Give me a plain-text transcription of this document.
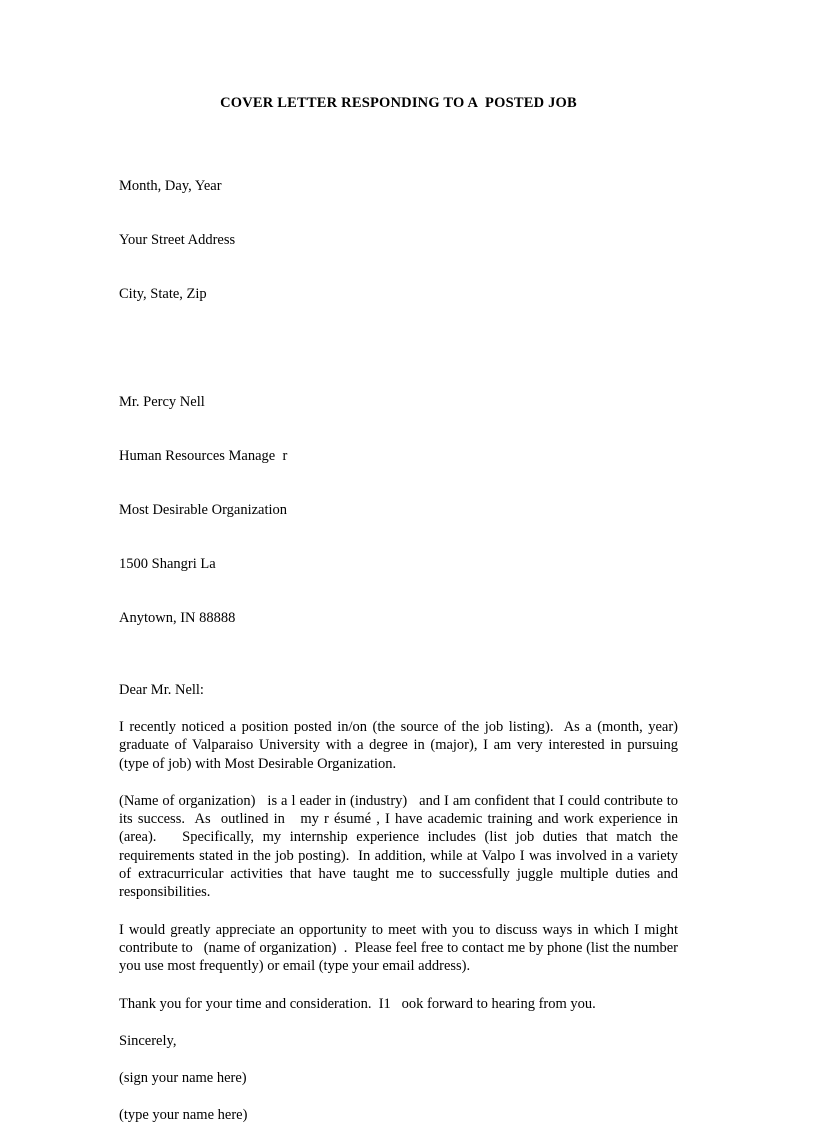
COVER LETTER RESPONDING TO A  POSTED JOB

Month, Day, Year

Your Street Address

City, State, Zip

Mr. Percy Nell

Human Resources Manage  r

Most Desirable Organization

1500 Shangri La

Anytown, IN 88888

Dear Mr. Nell:

I recently noticed a position posted in/on (the source of the job listing).  As a (month, year) graduate of Valparaiso University with a degree in (major), I am very interested in pursuing (type of job) with Most Desirable Organization.

(Name of organization)   is a l eader in (industry)   and I am confident that I could contribute to its success.  As  outlined in   my r ésumé , I have academic training and work experience in (area).   Specifically, my internship experience includes (list job duties that match the requirements stated in the job posting).  In addition, while at Valpo I was involved in a variety of extracurricular activities that have taught me to successfully juggle multiple duties and responsibilities.

I would greatly appreciate an opportunity to meet with you to discuss ways in which I might contribute to   (name of organization)  .  Please feel free to contact me by phone (list the number you use most frequently) or email (type your email address).

Thank you for your time and consideration.  I1   ook forward to hearing from you.
Sincerely,
(sign your name here)
(type your name here)
